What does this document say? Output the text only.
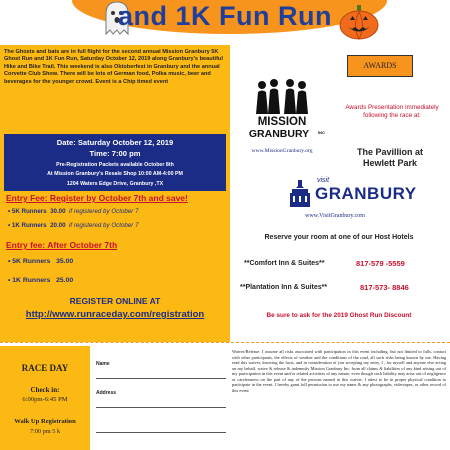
and 1K Fun Run
The Ghosts and bats are in full flight for the second annual Mission Granbury 5K Ghost Run and 1K Fun Run, Saturday October 12, 2019 along Granbury's beautiful Hike and Bike Trail. This weekend is also Oktoberfest in Granbury and the annual Corvette Club Show. There will be lots of German food, Polka music, beer and beverages for the younger crowd. Event is a Chip timed event
Date: Saturday October 12, 2019
Time: 7:00 pm
Pre-Registration Packets available October 8th
At Mission Granbury's Resale Shop 10:00 AM-4:00 PM
1204 Waters Edge Drive, Granbury ,TX
Entry Fee: Register by October 7th and save!
• 5K Runners 30.00 if registered by October 7
• 1K Runners 20.00 if registered by October 7
Entry fee: After October 7th
• 5K Runners 35.00
• 1K Runners 25.00
REGISTER ONLINE AT
http://www.runraceday.com/registration
AWARDS
Awards Presentation immediately following the race at:
The Pavillion at
Hewlett Park
MISSION
GRANBURY	INC
www.MissionGranbury.org
visit
GRANBURY
www.VisitGranbury.com
Reserve your room at one of our Host Hotels
**Comfort Inn & Suites**	817-579 -5559
**Plantation Inn & Suites**	817-573- 8846
Be sure to ask for the 2019 Ghost Run Discount
RACE DAY
Check in:
6:00pm-6:45 PM
Walk Up Registration
7:00 pm 5 k
Name
Address
Waiver/Release: I assume all risks associated with participation in this event including, but not limited to falls, contact with other participants, the effects of weather and the conditions of the road, all such risks being known by me. Having read this waiver, knowing the facts, and in consideration of you accepting my entry, I , for myself and anyone else acting on my behalf, waive & release & indemnify Mission Granbury Inc. from all claims & liabilities of any kind arising out of my participation in this event and/or related activities of any nature, even though such liability may arise out of negligence or carelessness on the part of any of the persons named in this waiver. I attest to be in proper physical condition to participate in the event. I hereby grant full permission to use my name & any photographs, videotapes, or other record of this event
